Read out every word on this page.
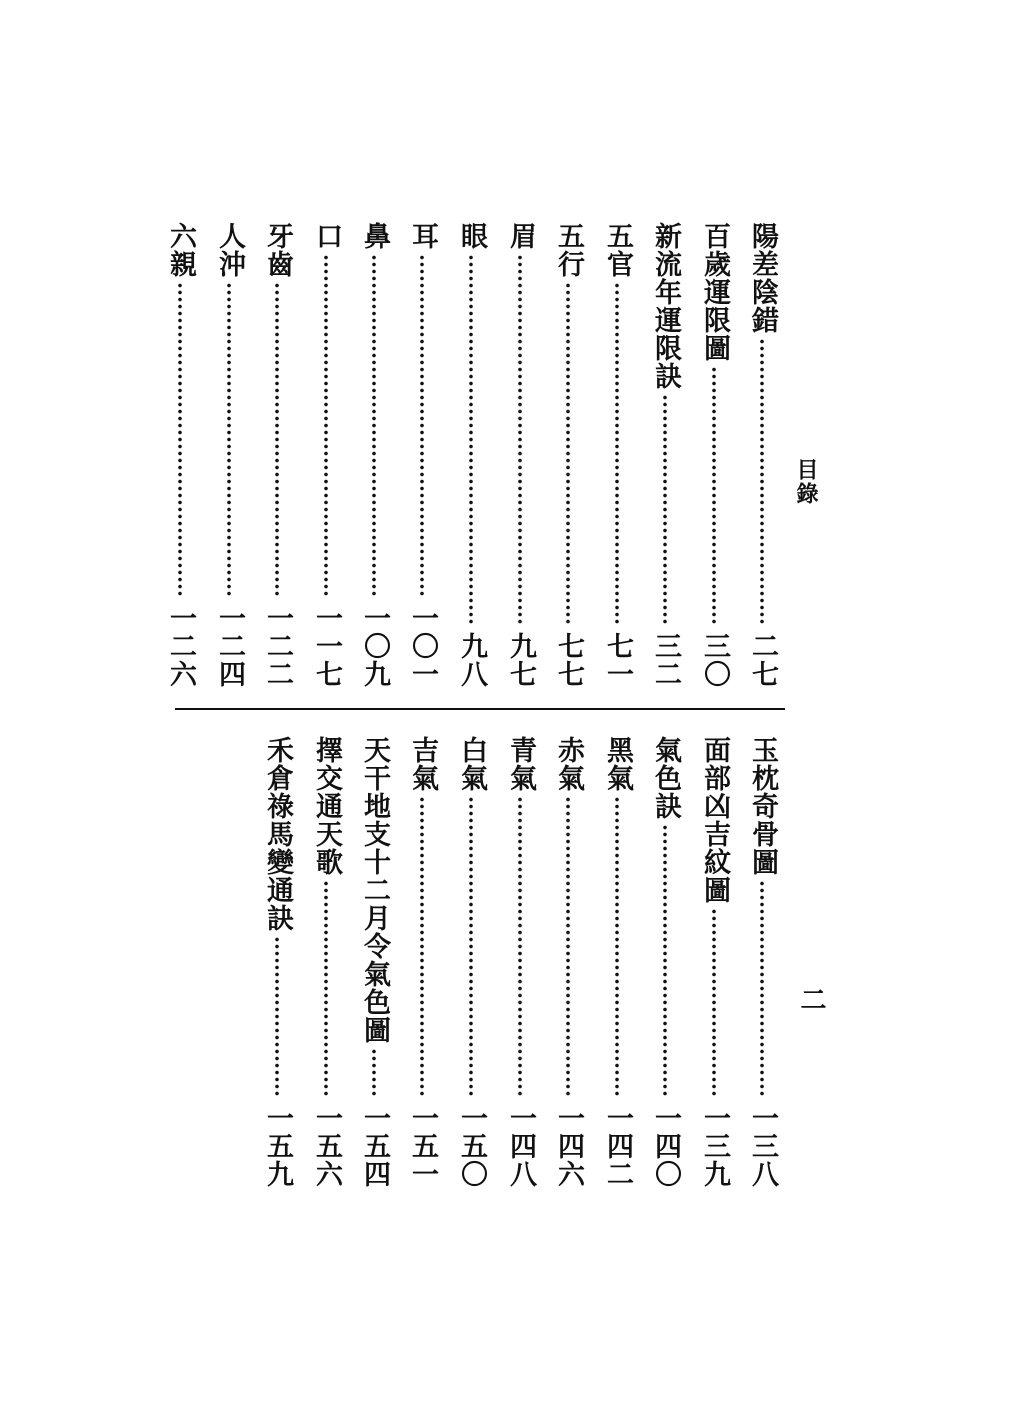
目錄
二
陽差陰錯
二七
百歲運限圖
三〇
新流年運限訣
三二
五官
七一
五行
七七
眉
九七
眼
九八
耳
一〇一
鼻
一〇九
口
一一七
牙齒
一二二
人沖
一二四
六親
一二六
玉枕奇骨圖
一三八
面部凶吉紋圖
一三九
氣色訣
一四〇
黑氣
一四二
赤氣
一四六
青氣
一四八
白氣
一五〇
吉氣
一五一
天干地支十二月令氣色圖
一五四
擇交通天歌
一五六
禾倉祿馬變通訣
一五九
